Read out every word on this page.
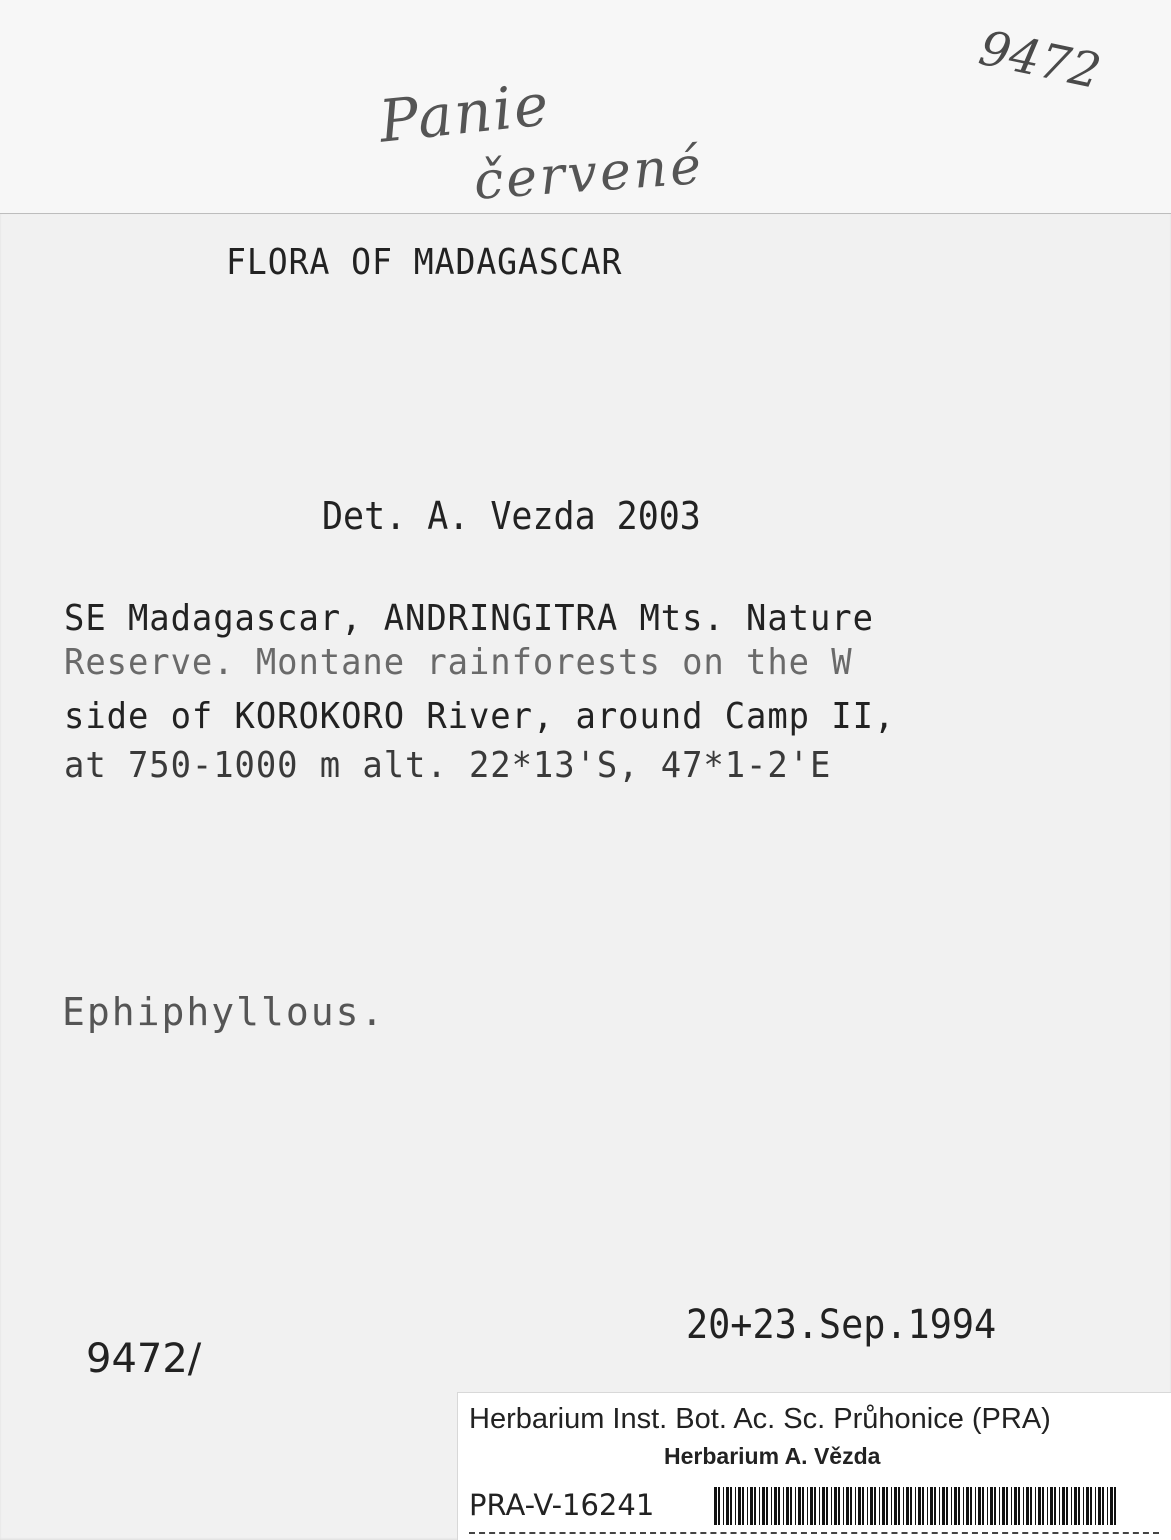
9472
Panie
červené
FLORA OF MADAGASCAR
Det. A. Vezda 2003
SE Madagascar, ANDRINGITRA Mts. Nature
Reserve. Montane rainforests on the W
side of KOROKORO River, around Camp II,
at 750-1000 m alt. 22*13'S, 47*1-2'E
Ephiphyllous.
20+23.Sep.1994
9472/
Herbarium Inst. Bot. Ac. Sc. Průhonice (PRA)
Herbarium A. Vězda
PRA-V-16241
